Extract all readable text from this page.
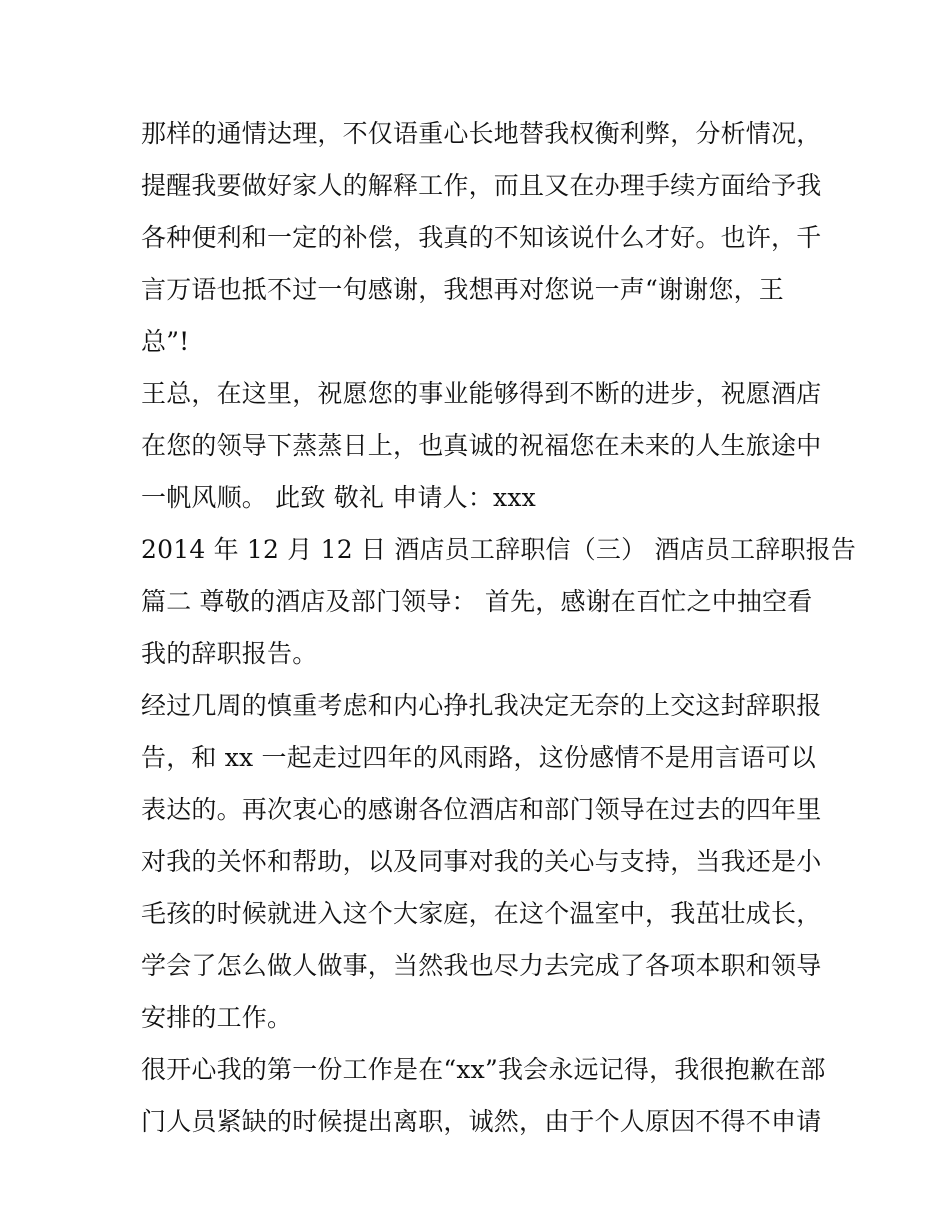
那样的通情达理，不仅语重心长地替我权衡利弊，分析情况，
提醒我要做好家人的解释工作，而且又在办理手续方面给予我
各种便利和一定的补偿，我真的不知该说什么才好。也许，千
言万语也抵不过一句感谢，我想再对您说一声“谢谢您，王
总”!
王总，在这里，祝愿您的事业能够得到不断的进步，祝愿酒店
在您的领导下蒸蒸日上，也真诚的祝福您在未来的人生旅途中
一帆风顺。 此致 敬礼 申请人：xxx
2014 年 12 月 12 日 酒店员工辞职信（三） 酒店员工辞职报告
篇二 尊敬的酒店及部门领导： 首先，感谢在百忙之中抽空看
我的辞职报告。
经过几周的慎重考虑和内心挣扎我决定无奈的上交这封辞职报
告，和 xx 一起走过四年的风雨路，这份感情不是用言语可以
表达的。再次衷心的感谢各位酒店和部门领导在过去的四年里
对我的关怀和帮助，以及同事对我的关心与支持，当我还是小
毛孩的时候就进入这个大家庭，在这个温室中，我茁壮成长，
学会了怎么做人做事，当然我也尽力去完成了各项本职和领导
安排的工作。
很开心我的第一份工作是在“xx”我会永远记得，我很抱歉在部
门人员紧缺的时候提出离职，诚然，由于个人原因不得不申请
